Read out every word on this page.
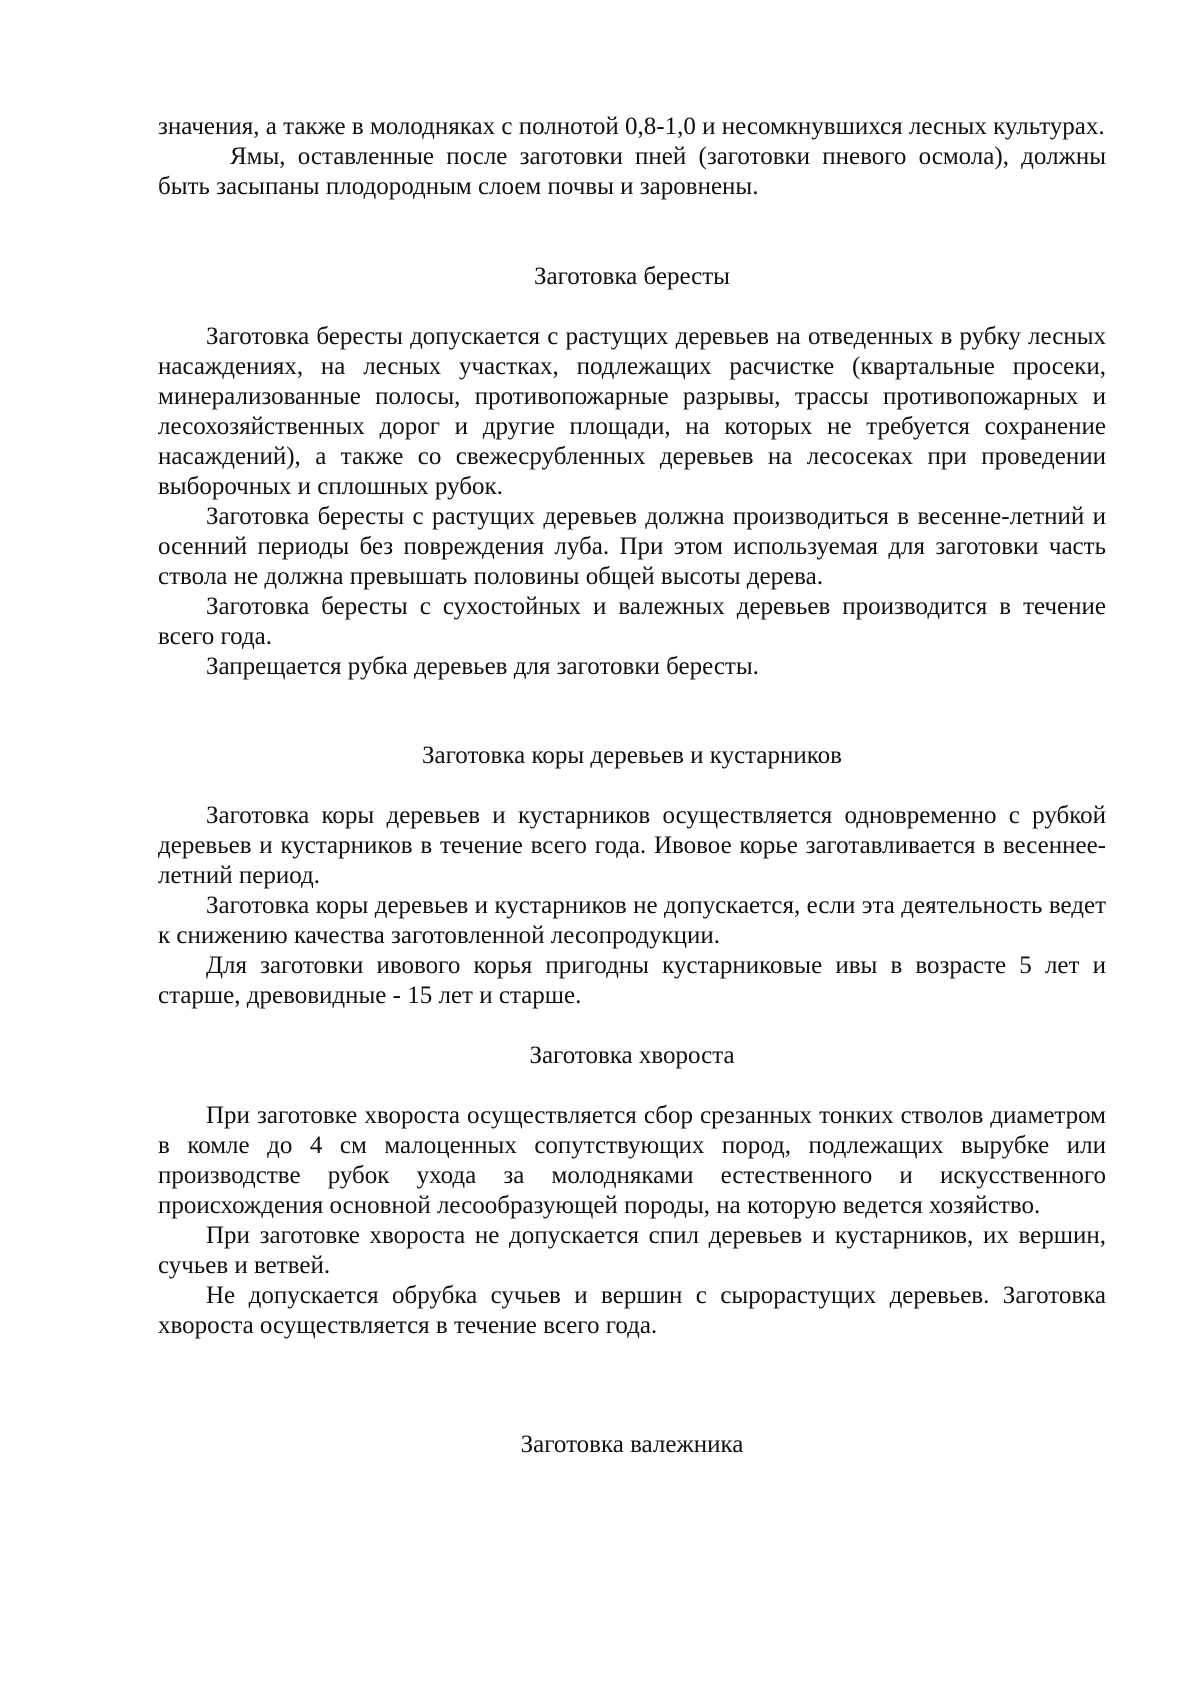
значения, а также в молодняках с полнотой 0,8-1,0 и несомкнувшихся лесных культурах.

Ямы, оставленные после заготовки пней (заготовки пневого осмола), должны быть засыпаны плодородным слоем почвы и заровнены.

Заготовка бересты

Заготовка бересты допускается с растущих деревьев на отведенных в рубку лесных насаждениях, на лесных участках, подлежащих расчистке (квартальные просеки, минерализованные полосы, противопожарные разрывы, трассы противопожарных и лесохозяйственных дорог и другие площади, на которых не требуется сохранение насаждений), а также со свежесрубленных деревьев на лесосеках при проведении выборочных и сплошных рубок.

Заготовка бересты с растущих деревьев должна производиться в весенне-летний и осенний периоды без повреждения луба. При этом используемая для заготовки часть ствола не должна превышать половины общей высоты дерева.

Заготовка бересты с сухостойных и валежных деревьев производится в течение всего года.

Запрещается рубка деревьев для заготовки бересты.

Заготовка коры деревьев и кустарников

Заготовка коры деревьев и кустарников осуществляется одновременно с рубкой деревьев и кустарников в течение всего года. Ивовое корье заготавливается в весеннее-летний период.

Заготовка коры деревьев и кустарников не допускается, если эта деятельность ведет к снижению качества заготовленной лесопродукции.

Для заготовки ивового корья пригодны кустарниковые ивы в возрасте 5 лет и старше, древовидные - 15 лет и старше.

Заготовка хвороста

При заготовке хвороста осуществляется сбор срезанных тонких стволов диаметром в комле до 4 см малоценных сопутствующих пород, подлежащих вырубке или производстве рубок ухода за молодняками естественного и искусственного происхождения основной лесообразующей породы, на которую ведется хозяйство.

При заготовке хвороста не допускается спил деревьев и кустарников, их вершин, сучьев и ветвей.

Не допускается обрубка сучьев и вершин с сырорастущих деревьев. Заготовка хвороста осуществляется в течение всего года.

Заготовка валежника
